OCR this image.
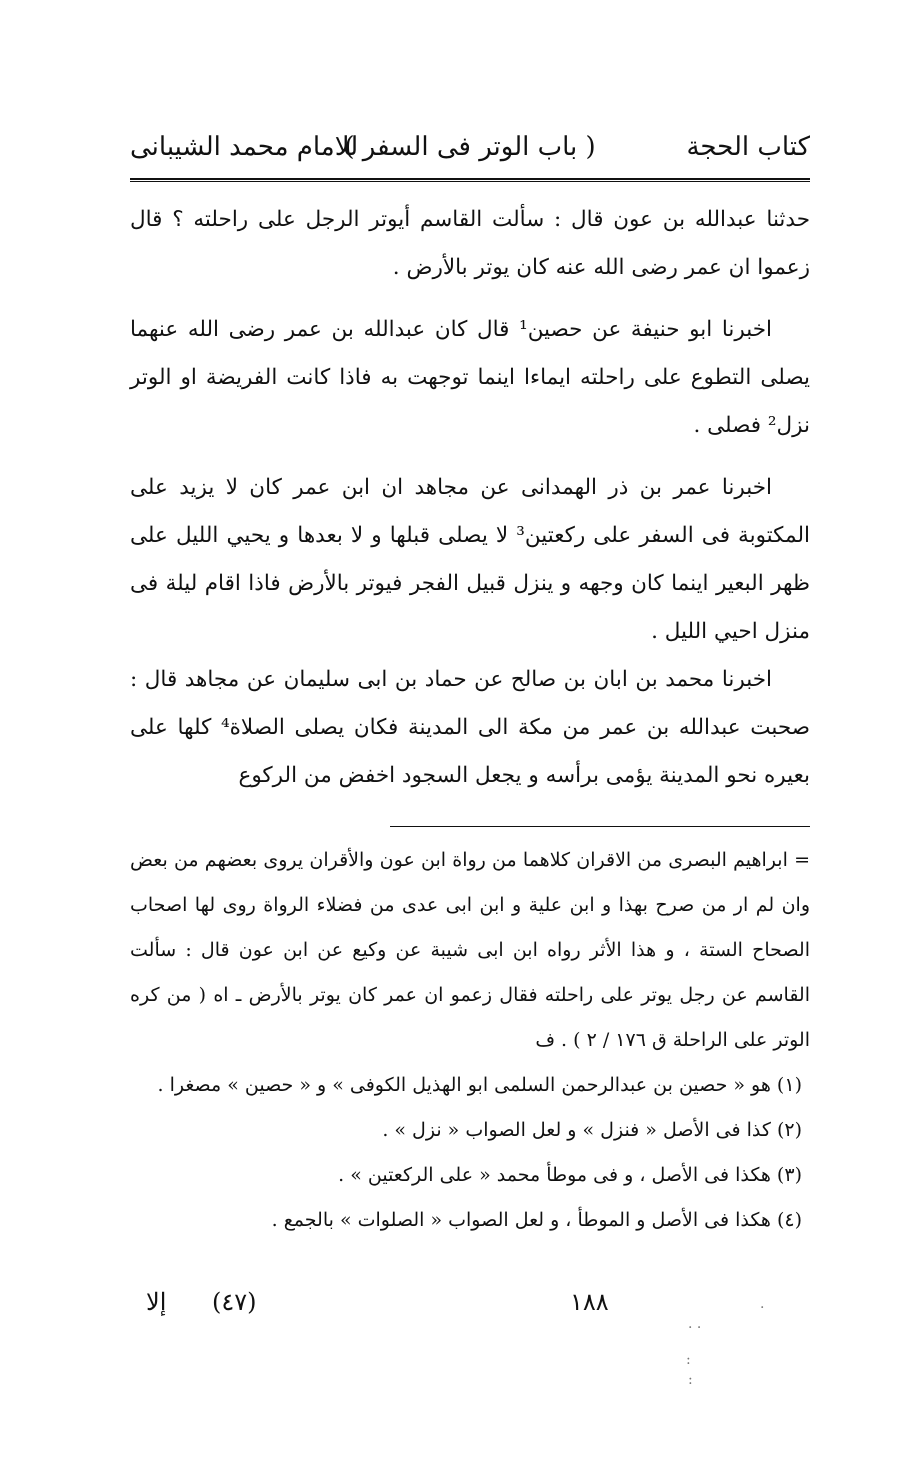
كتاب الحجة
( باب الوتر فى السفر )
للامام محمد الشيبانى

حدثنا عبدالله بن عون قال : سألت القاسم أيوتر الرجل على راحلته ؟ قال زعموا ان عمر رضى الله عنه كان يوتر بالأرض .

اخبرنا ابو حنيفة عن حصين¹ قال كان عبدالله بن عمر رضى الله عنهما يصلى التطوع على راحلته ايماءا اينما توجهت به فاذا كانت الفريضة او الوتر نزل² فصلى .

اخبرنا عمر بن ذر الهمدانى عن مجاهد ان ابن عمر كان لا يزيد على المكتوبة فى السفر على ركعتين³ لا يصلى قبلها و لا بعدها و يحيي الليل على ظهر البعير اينما كان وجهه و ينزل قبيل الفجر فيوتر بالأرض فاذا اقام ليلة فى منزل احيي الليل .

اخبرنا محمد بن ابان بن صالح عن حماد بن ابى سليمان عن مجاهد قال : صحبت عبدالله بن عمر من مكة الى المدينة فكان يصلى الصلاة⁴ كلها على بعيره نحو المدينة يؤمى برأسه و يجعل السجود اخفض من الركوع

= ابراهيم البصرى من الاقران كلاهما من رواة ابن عون والأقران يروى بعضهم من بعض وان لم ار من صرح بهذا و ابن علية و ابن ابى عدى من فضلاء الرواة روى لها اصحاب الصحاح الستة ، و هذا الأثر رواه ابن ابى شيبة عن وكيع عن ابن عون قال : سألت القاسم عن رجل يوتر على راحلته فقال زعمو ان عمر كان يوتر بالأرض ـ اه ( من كره الوتر على الراحلة ق ١٧٦ / ٢ ) . ف

(١) هو « حصين بن عبدالرحمن السلمى ابو الهذيل الكوفى » و « حصين » مصغرا .

(٢) كذا فى الأصل « فنزل » و لعل الصواب « نزل » .

(٣) هكذا فى الأصل ، و فى موطأ محمد « على الركعتين » .

(٤) هكذا فى الأصل و الموطأ ، و لعل الصواب « الصلوات » بالجمع .

إلا (٤٧)	١٨٨	·
· ·
:
:
